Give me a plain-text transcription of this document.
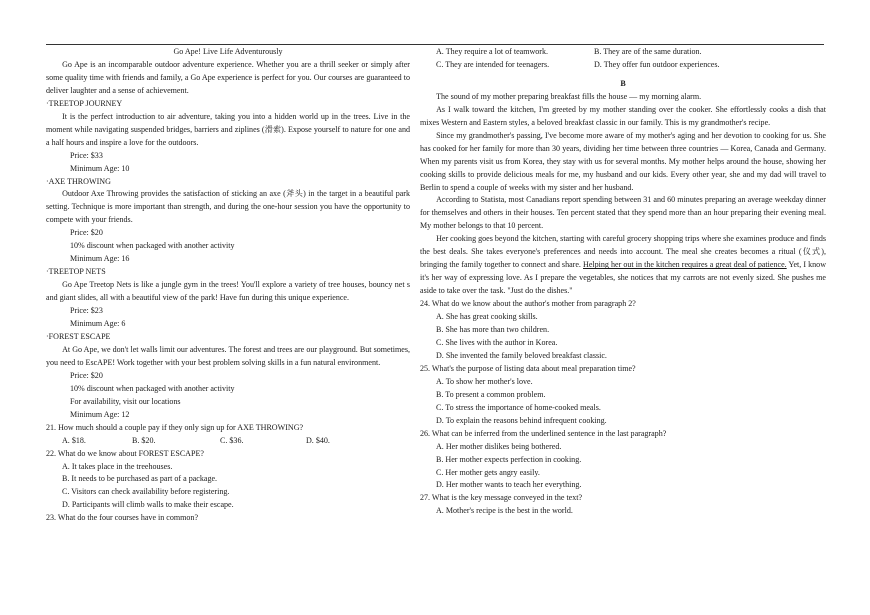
Go Ape! Live Life Adventurously

Go Ape is an incomparable outdoor adventure experience. Whether you are a thrill seeker or simply after some quality time with friends and family, a Go Ape experience is perfect for you. Our courses are guaranteed to deliver laughter and a sense of achievement.

·TREETOP JOURNEY

It is the perfect introduction to air adventure, taking you into a hidden world up in the trees. Live in the moment while navigating suspended bridges, barriers and ziplines (滑索). Expose yourself to nature for one and a half hours and inspire a love for the outdoors.

Price: $33

Minimum Age: 10

·AXE THROWING

Outdoor Axe Throwing provides the satisfaction of sticking an axe (斧头) in the target in a beautiful park setting. Technique is more important than strength, and during the one-hour session you have the opportunity to compete with your friends.

Price: $20

10% discount when packaged with another activity

Minimum Age: 16

·TREETOP NETS

Go Ape Treetop Nets is like a jungle gym in the trees! You'll explore a variety of tree houses, bouncy net s and giant slides, all with a beautiful view of the park! Have fun during this unique experience.

Price: $23

Minimum Age: 6

·FOREST ESCAPE

At Go Ape, we don't let walls limit our adventures. The forest and trees are our playground. But sometimes, you need to EscAPE! Work together with your best problem solving skills in a fun natural environment.

Price: $20

10% discount when packaged with another activity

For availability, visit our locations

Minimum Age: 12

21. How much should a couple pay if they only sign up for AXE THROWING?

A. $18.	B. $20.	C. $36.	D. $40.

22. What do we know about FOREST ESCAPE?

A. It takes place in the treehouses.

B. It needs to be purchased as part of a package.

C. Visitors can check availability before registering.

D. Participants will climb walls to make their escape.

23. What do the four courses have in common?

A. They require a lot of teamwork.	B. They are of the same duration.
C. They are intended for teenagers.	D. They offer fun outdoor experiences.

B

The sound of my mother preparing breakfast fills the house — my morning alarm.

As I walk toward the kitchen, I'm greeted by my mother standing over the cooker. She effortlessly cooks a dish that mixes Western and Eastern styles, a beloved breakfast classic in our family. This is my grandmother's recipe.

Since my grandmother's passing, I've become more aware of my mother's aging and her devotion to cooking for us. She has cooked for her family for more than 30 years, dividing her time between three countries — Korea, Canada and Germany. When my parents visit us from Korea, they stay with us for several months. My mother helps around the house, showing her cooking skills to provide delicious meals for me, my husband and our kids. Every other year, she and my dad will travel to Berlin to spend a couple of weeks with my sister and her husband.

According to Statista, most Canadians report spending between 31 and 60 minutes preparing an average weekday dinner for themselves and others in their houses. Ten percent stated that they spend more than an hour preparing their evening meal. My mother belongs to that 10 percent.

Her cooking goes beyond the kitchen, starting with careful grocery shopping trips where she examines produce and finds the best deals. She takes everyone's preferences and needs into account. The meal she creates becomes a ritual (仪式), bringing the family together to connect and share. Helping her out in the kitchen requires a great deal of patience. Yet, I know it's her way of expressing love. As I prepare the vegetables, she notices that my carrots are not evenly sized. She pushes me aside to take over the task. "Just do the dishes."

24. What do we know about the author's mother from paragraph 2?

A. She has great cooking skills.

B. She has more than two children.

C. She lives with the author in Korea.

D. She invented the family beloved breakfast classic.

25. What's the purpose of listing data about meal preparation time?

A. To show her mother's love.

B. To present a common problem.

C. To stress the importance of home-cooked meals.

D. To explain the reasons behind infrequent cooking.

26. What can be inferred from the underlined sentence in the last paragraph?

A. Her mother dislikes being bothered.

B. Her mother expects perfection in cooking.

C. Her mother gets angry easily.

D. Her mother wants to teach her everything.

27. What is the key message conveyed in the text?

A. Mother's recipe is the best in the world.
